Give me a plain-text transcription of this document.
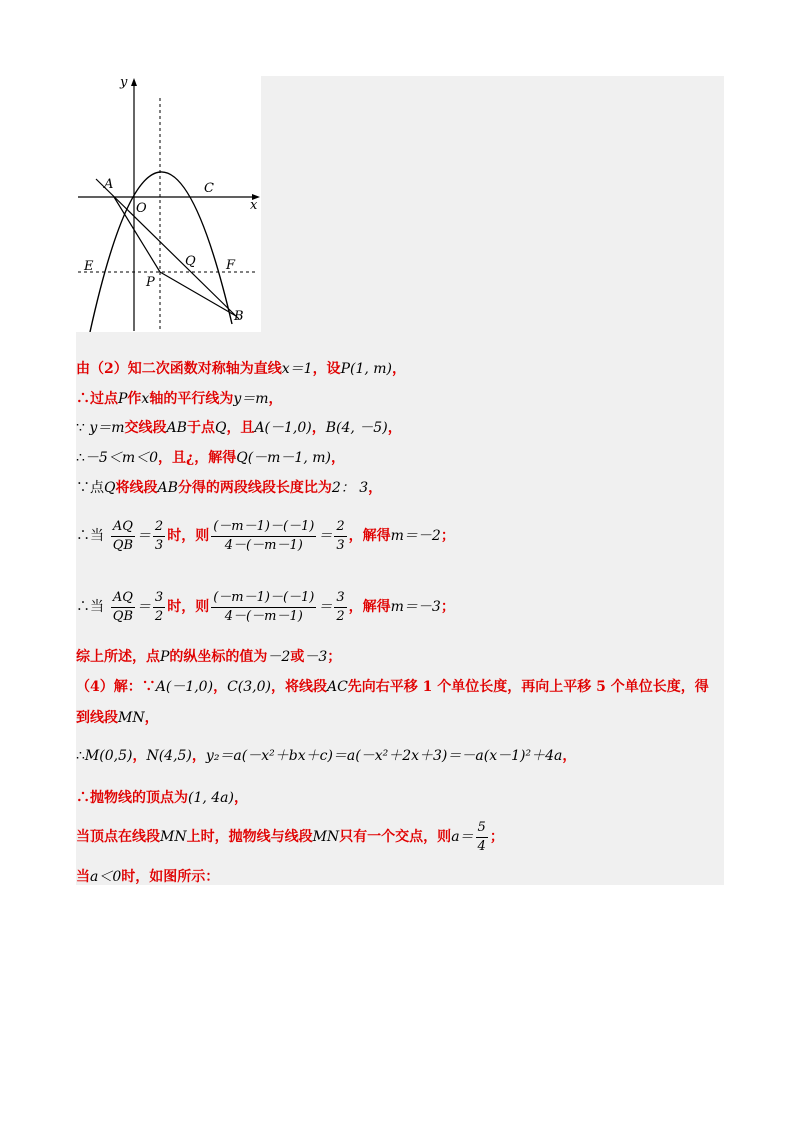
y
x
O
A	C
E	F
Q
P
B
由（2）知二次函数对称轴为直线x＝1，设P(1, m)，
∴过点P作x轴的平行线为y＝m，
∵ y＝m交线段AB于点Q，且A(－1,0)，B(4, －5)，
∴－5＜m＜0，且¿，解得Q(－m－1, m)，
∵点Q将线段AB分得的两段线段长度比为2： 3，
∴当 $\frac{AQ}{QB} = \frac{2}{3}$ 时，则 $\frac{(-m-1)-(-1)}{4-(-m-1)} = \frac{2}{3}$ ，解得m＝－2；
∴当 $\frac{AQ}{QB} = \frac{3}{2}$ 时，则 $\frac{(-m-1)-(-1)}{4-(-m-1)} = \frac{3}{2}$ ，解得m＝－3；
综上所述，点P的纵坐标的值为－2或－3；
（4）解：∵A(－1,0)，C(3,0)，将线段AC先向右平移 1 个单位长度，再向上平移 5 个单位长度，得
到线段MN，
∴M(0,5)，N(4,5)，y₂＝a(－x²＋bx＋c)＝a(－x²＋2x＋3)＝－a(x－1)²＋4a，
∴抛物线的顶点为(1, 4a)，
当顶点在线段MN上时，抛物线与线段MN只有一个交点，则$a= \frac{5}{4}$ ；
当a＜0时，如图所示：
